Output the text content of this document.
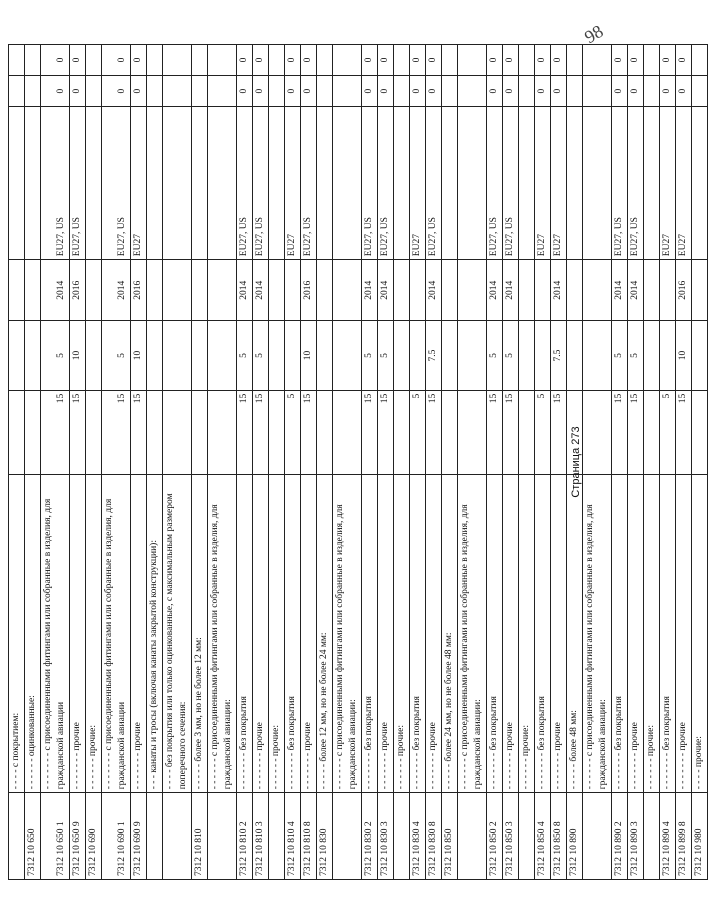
98
	- - - - с покрытием:						
7312 10 650	- - - - - - оцинкованные:						
7312 10 650 1	- - - - - - - с присоединенными фитингами или собранные в изделия, для гражданской авиации	15	5	2014	EU27, US	0	0
7312 10 650 9	- - - - - - - прочие	15	10	2016	EU27, US	0	0
7312 10 690	- - - - - - прочие:						
7312 10 690 1	- - - - - - - с присоединенными фитингами или собранные в изделия, для гражданской авиации	15	5	2014	EU27, US	0	0
7312 10 690 9	- - - - - - - прочие	15	10	2016	EU27	0	0
	- - - канаты и тросы (включая канаты закрытой конструкции):						
	- - - - без покрытия или только оцинкованные, с максимальным размером поперечного сечения:						
7312 10 810	- - - - - более 3 мм, но не более 12 мм:						
	- - - - - - с присоединенными фитингами или собранные в изделия, для гражданской авиации:						
7312 10 810 2	- - - - - - - без покрытия	15	5	2014	EU27, US	0	0
7312 10 810 3	- - - - - - - прочие	15	5	2014	EU27, US	0	0
	- - - - - - прочие:						
7312 10 810 4	- - - - - - - без покрытия	5			EU27	0	0
7312 10 810 8	- - - - - - - прочие	15	10	2016	EU27, US	0	0
7312 10 830	- - - - - более 12 мм, но не более 24 мм:						
	- - - - - - с присоединенными фитингами или собранные в изделия, для гражданской авиации:						
7312 10 830 2	- - - - - - - без покрытия	15	5	2014	EU27, US	0	0
7312 10 830 3	- - - - - - - прочие	15	5	2014	EU27, US	0	0
	- - - - - - прочие:						
7312 10 830 4	- - - - - - - без покрытия	5			EU27	0	0
7312 10 830 8	- - - - - - - прочие	15	7.5	2014	EU27, US	0	0
7312 10 850	- - - - - более 24 мм, но не более 48 мм:						
	- - - - - - с присоединенными фитингами или собранные в изделия, для гражданской авиации:						
7312 10 850 2	- - - - - - - без покрытия	15	5	2014	EU27, US	0	0
7312 10 850 3	- - - - - - - прочие	15	5	2014	EU27, US	0	0
	- - - - - - прочие:						
7312 10 850 4	- - - - - - - без покрытия	5			EU27	0	0
7312 10 850 8	- - - - - - - прочие	15	7.5	2014	EU27	0	0
7312 10 890	- - - - - более 48 мм:						
	- - - - - - с присоединенными фитингами или собранные в изделия, для гражданской авиации:						
7312 10 890 2	- - - - - - - без покрытия	15	5	2014	EU27, US	0	0
7312 10 890 3	- - - - - - - прочие	15	5	2014	EU27, US	0	0
	- - - - - - прочие:						
7312 10 890 4	- - - - - - - без покрытия	5			EU27	0	0
7312 10 899 8	- - - - - - - прочие	15	10	2016	EU27	0	0
7312 10 980	- - - - прочие:						
Страница 273
